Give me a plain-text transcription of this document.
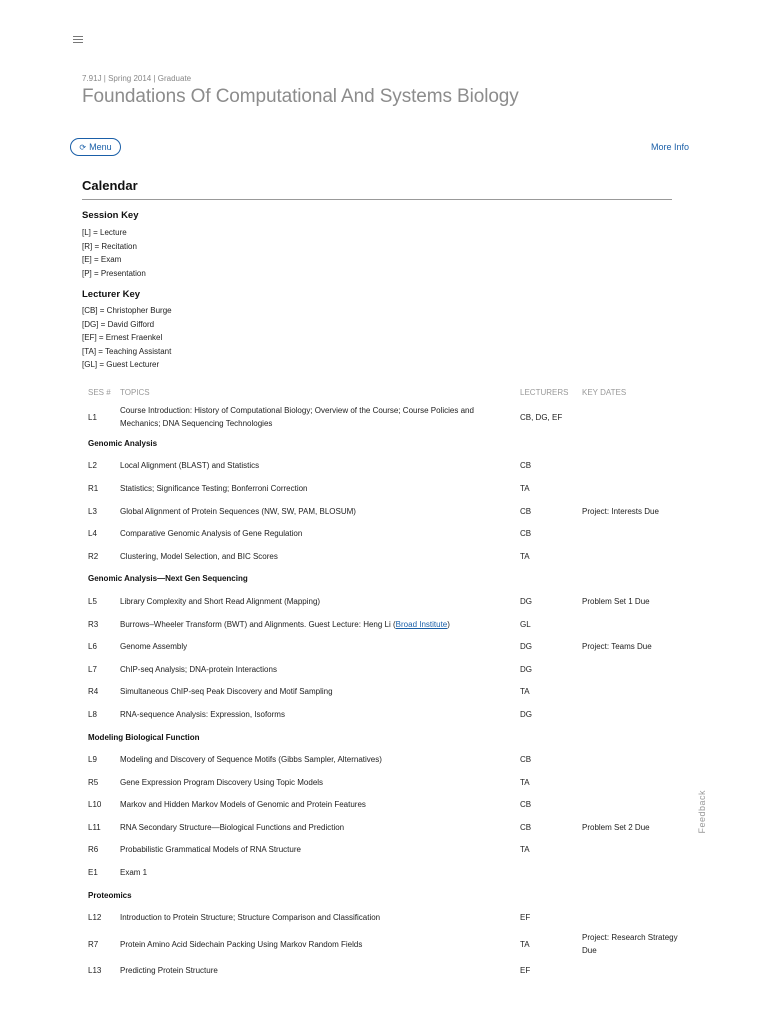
7.91J | Spring 2014 | Graduate
Foundations Of Computational And Systems Biology
⟳ Menu	More Info
Calendar
Session Key
[L] = Lecture
[R] = Recitation
[E] = Exam
[P] = Presentation
Lecturer Key
[CB] = Christopher Burge
[DG] = David Gifford
[EF] = Ernest Fraenkel
[TA] = Teaching Assistant
[GL] = Guest Lecturer
SES #	TOPICS	LECTURERS	KEY DATES
L1	Course Introduction: History of Computational Biology; Overview of the Course; Course Policies and Mechanics; DNA Sequencing Technologies	CB, DG, EF	
Genomic Analysis			
L2	Local Alignment (BLAST) and Statistics	CB	
R1	Statistics; Significance Testing; Bonferroni Correction	TA	
L3	Global Alignment of Protein Sequences (NW, SW, PAM, BLOSUM)	CB	Project: Interests Due
L4	Comparative Genomic Analysis of Gene Regulation	CB	
R2	Clustering, Model Selection, and BIC Scores	TA	
Genomic Analysis—Next Gen Sequencing			
L5	Library Complexity and Short Read Alignment (Mapping)	DG	Problem Set 1 Due
R3	Burrows–Wheeler Transform (BWT) and Alignments. Guest Lecture: Heng Li (Broad Institute)	GL	
L6	Genome Assembly	DG	Project: Teams Due
L7	ChIP-seq Analysis; DNA-protein Interactions	DG	
R4	Simultaneous ChIP-seq Peak Discovery and Motif Sampling	TA	
L8	RNA-sequence Analysis: Expression, Isoforms	DG	
Modeling Biological Function			
L9	Modeling and Discovery of Sequence Motifs (Gibbs Sampler, Alternatives)	CB	
R5	Gene Expression Program Discovery Using Topic Models	TA	
L10	Markov and Hidden Markov Models of Genomic and Protein Features	CB	
L11	RNA Secondary Structure—Biological Functions and Prediction	CB	Problem Set 2 Due
R6	Probabilistic Grammatical Models of RNA Structure	TA	
E1	Exam 1		
Proteomics			
L12	Introduction to Protein Structure; Structure Comparison and Classification	EF	
R7	Protein Amino Acid Sidechain Packing Using Markov Random Fields	TA	Project: Research Strategy Due
L13	Predicting Protein Structure	EF	
Feedback
